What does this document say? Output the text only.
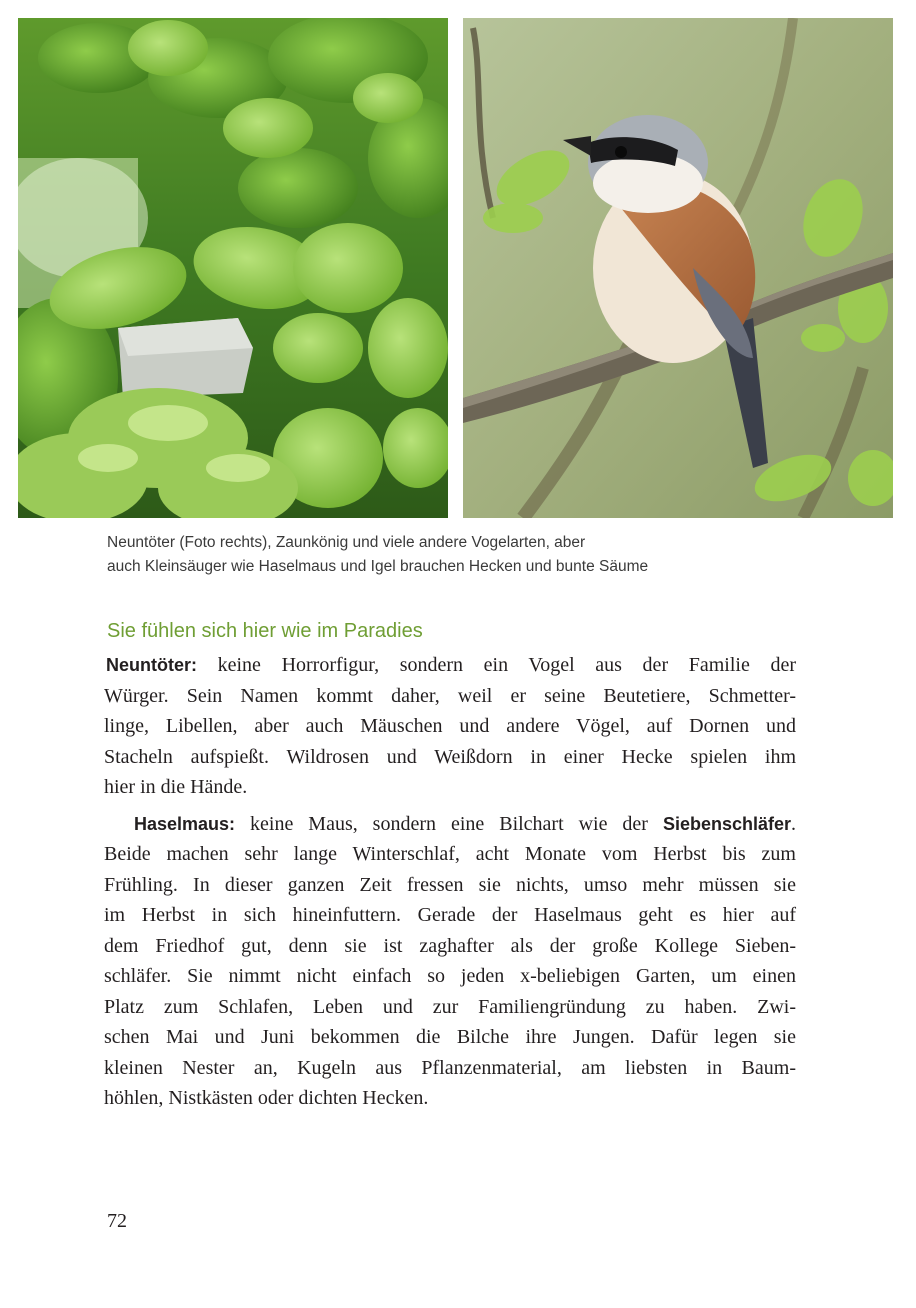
Neuntöter (Foto rechts), Zaunkönig und viele andere Vogelarten, aber
auch Kleinsäuger wie Haselmaus und Igel brauchen Hecken und bunte Säume
Sie fühlen sich hier wie im Paradies

Neuntöter: keine Horrorfigur, sondern ein Vogel aus der Familie der
Würger. Sein Namen kommt daher, weil er seine Beutetiere, Schmetter-
linge, Libellen, aber auch Mäuschen und andere Vögel, auf Dornen und
Stacheln aufspießt. Wildrosen und Weißdorn in einer Hecke spielen ihm
hier in die Hände.

Haselmaus: keine Maus, sondern eine Bilchart wie der Siebenschläfer.
Beide machen sehr lange Winterschlaf, acht Monate vom Herbst bis zum
Frühling. In dieser ganzen Zeit fressen sie nichts, umso mehr müssen sie
im Herbst in sich hineinfuttern. Gerade der Haselmaus geht es hier auf
dem Friedhof gut, denn sie ist zaghafter als der große Kollege Sieben-
schläfer. Sie nimmt nicht einfach so jeden x-beliebigen Garten, um einen
Platz zum Schlafen, Leben und zur Familiengründung zu haben. Zwi-
schen Mai und Juni bekommen die Bilche ihre Jungen. Dafür legen sie
kleinen Nester an, Kugeln aus Pflanzenmaterial, am liebsten in Baum-
höhlen, Nistkästen oder dichten Hecken.

72
